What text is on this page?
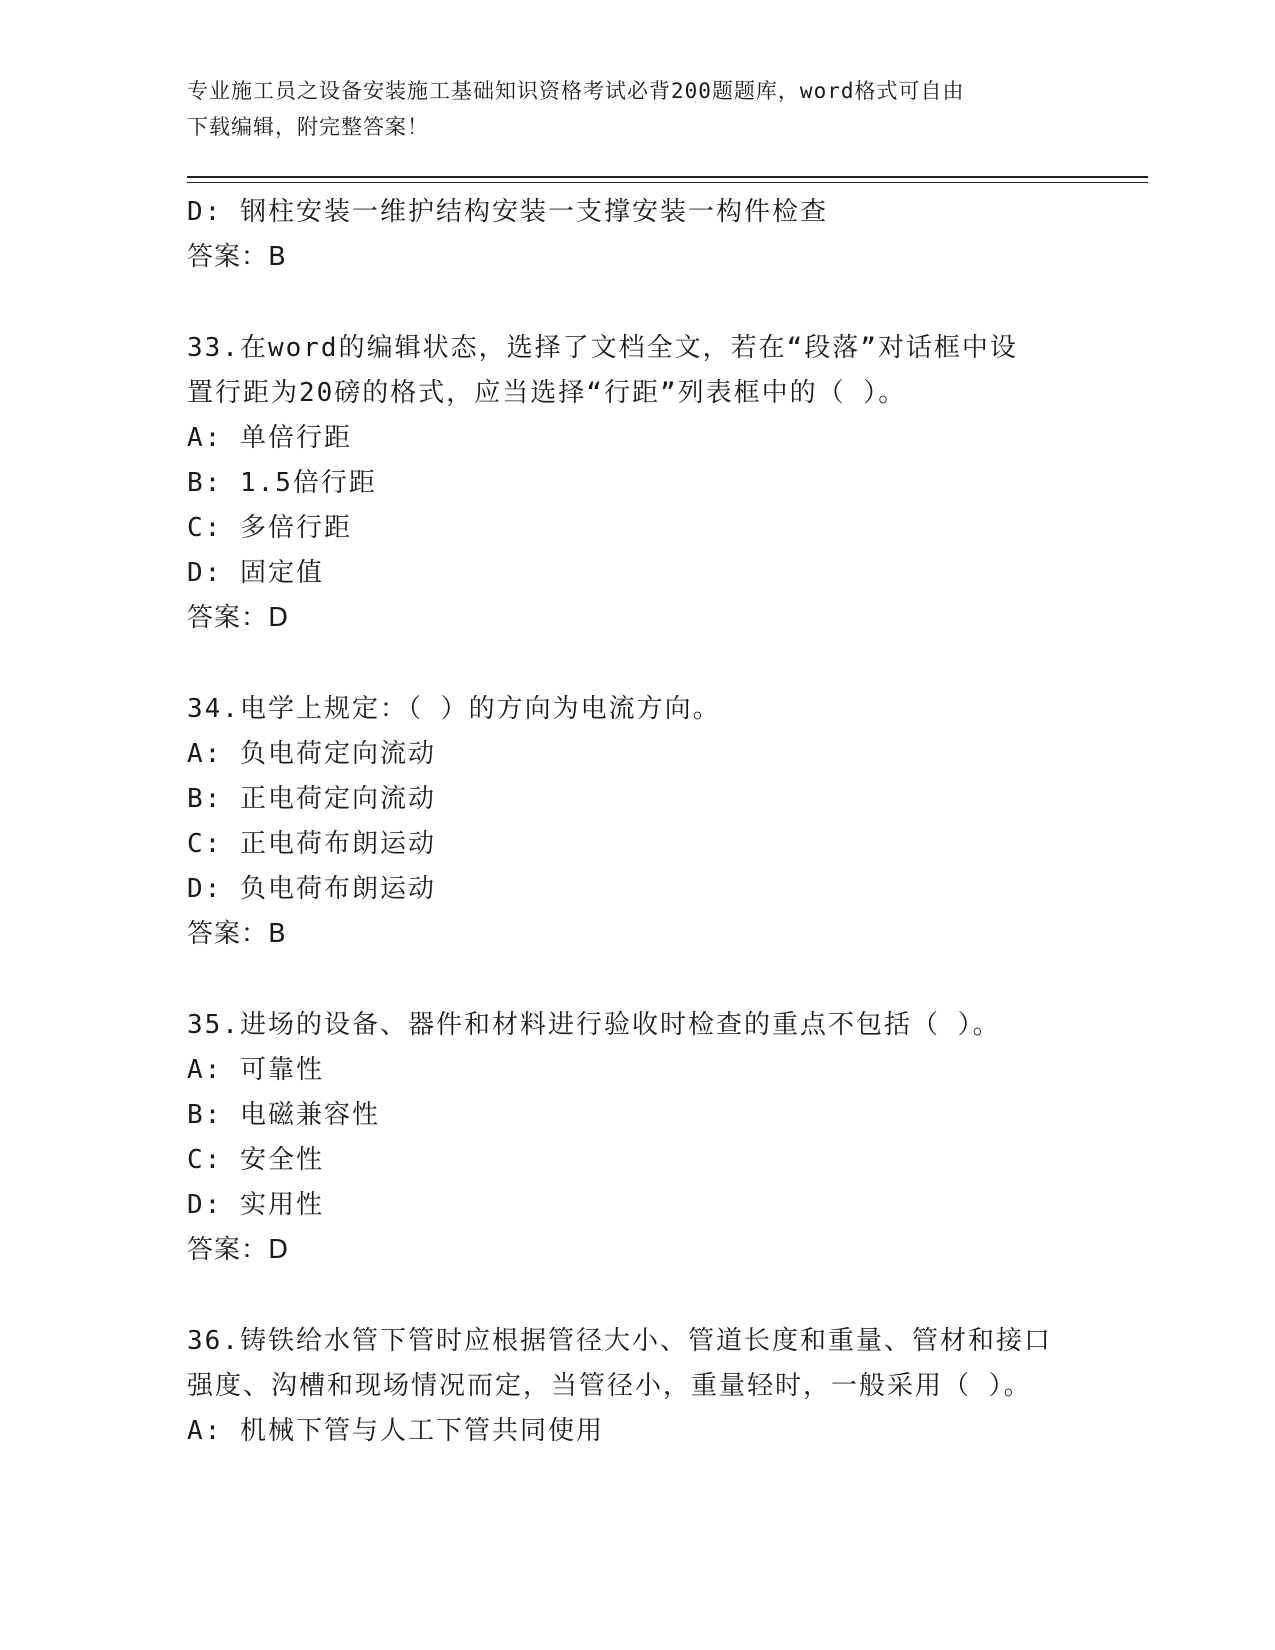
专业施工员之设备安装施工基础知识资格考试必背200题题库，word格式可自由
下载编辑，附完整答案！
D: 钢柱安装一维护结构安装一支撑安装一构件检查
答案：B
33.在word的编辑状态，选择了文档全文，若在“段落”对话框中设
置行距为20磅的格式，应当选择“行距”列表框中的（ ）。
A: 单倍行距
B: 1.5倍行距
C: 多倍行距
D: 固定值
答案：D
34.电学上规定：（ ）的方向为电流方向。
A: 负电荷定向流动
B: 正电荷定向流动
C: 正电荷布朗运动
D: 负电荷布朗运动
答案：B
35.进场的设备、器件和材料进行验收时检查的重点不包括（ ）。
A: 可靠性
B: 电磁兼容性
C: 安全性
D: 实用性
答案：D
36.铸铁给水管下管时应根据管径大小、管道长度和重量、管材和接口
强度、沟槽和现场情况而定，当管径小，重量轻时，一般采用（ ）。
A: 机械下管与人工下管共同使用
